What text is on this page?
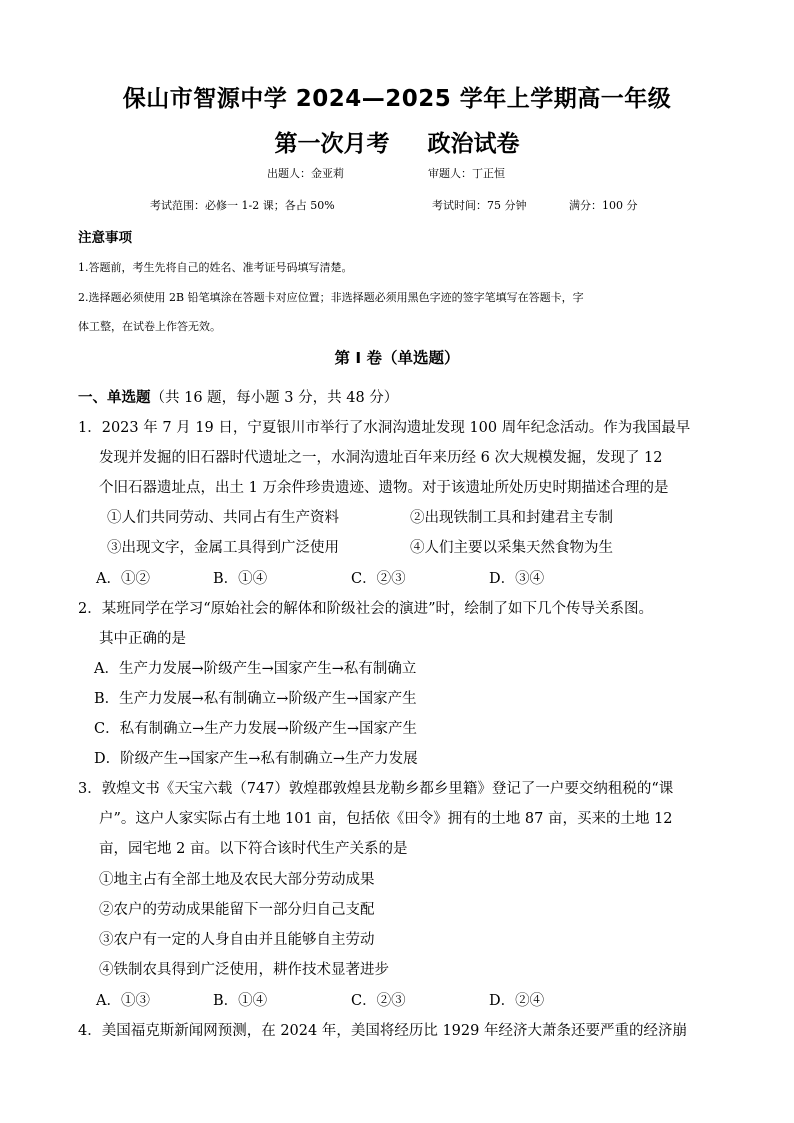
保山市智源中学 2024—2025 学年上学期高一年级
第一次月考 政治试卷
出题人：金亚莉	审题人：丁正恒
考试范围：必修一 1-2 课；各占 50%	考试时间：75 分钟	满分：100 分
注意事项
1.答题前，考生先将自己的姓名、准考证号码填写清楚。
2.选择题必须使用 2B 铅笔填涂在答题卡对应位置；非选择题必须用黑色字迹的签字笔填写在答题卡，字
体工整，在试卷上作答无效。
第 I 卷（单选题）
一、单选题（共 16 题，每小题 3 分，共 48 分）
1．2023 年 7 月 19 日，宁夏银川市举行了水洞沟遗址发现 100 周年纪念活动。作为我国最早
发现并发掘的旧石器时代遗址之一，水洞沟遗址百年来历经 6 次大规模发掘，发现了 12
个旧石器遗址点，出土 1 万余件珍贵遗迹、遗物。对于该遗址所处历史时期描述合理的是
①人们共同劳动、共同占有生产资料	②出现铁制工具和封建君主专制
③出现文字，金属工具得到广泛使用	④人们主要以采集天然食物为生
A．①②	B．①④	C．②③	D．③④
2．某班同学在学习“原始社会的解体和阶级社会的演进”时，绘制了如下几个传导关系图。
其中正确的是
A．生产力发展→阶级产生→国家产生→私有制确立
B．生产力发展→私有制确立→阶级产生→国家产生
C．私有制确立→生产力发展→阶级产生→国家产生
D．阶级产生→国家产生→私有制确立→生产力发展
3．敦煌文书《天宝六载（747）敦煌郡敦煌县龙勒乡都乡里籍》登记了一户要交纳租税的“课
户”。这户人家实际占有土地 101 亩，包括依《田令》拥有的土地 87 亩，买来的土地 12
亩，园宅地 2 亩。以下符合该时代生产关系的是
①地主占有全部土地及农民大部分劳动成果
②农户的劳动成果能留下一部分归自己支配
③农户有一定的人身自由并且能够自主劳动
④铁制农具得到广泛使用，耕作技术显著进步
A．①③	B．①④	C．②③	D．②④
4．美国福克斯新闻网预测，在 2024 年，美国将经历比 1929 年经济大萧条还要严重的经济崩
